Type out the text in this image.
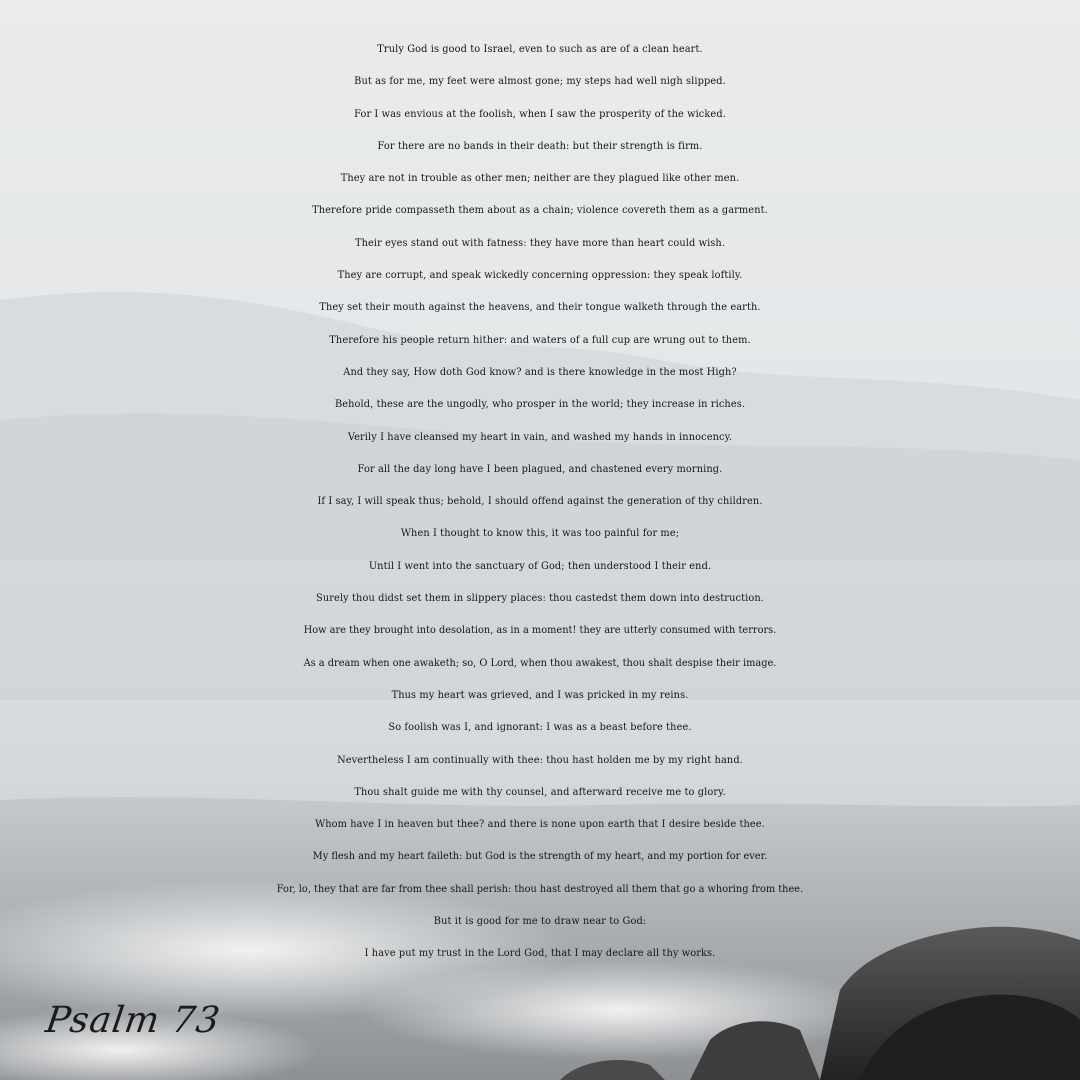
Truly God is good to Israel, even to such as are of a clean heart.
But as for me, my feet were almost gone; my steps had well nigh slipped.
For I was envious at the foolish, when I saw the prosperity of the wicked.
For there are no bands in their death: but their strength is firm.
They are not in trouble as other men; neither are they plagued like other men.
Therefore pride compasseth them about as a chain; violence covereth them as a garment.
Their eyes stand out with fatness: they have more than heart could wish.
They are corrupt, and speak wickedly concerning oppression: they speak loftily.
They set their mouth against the heavens, and their tongue walketh through the earth.
Therefore his people return hither: and waters of a full cup are wrung out to them.
And they say, How doth God know? and is there knowledge in the most High?
Behold, these are the ungodly, who prosper in the world; they increase in riches.
Verily I have cleansed my heart in vain, and washed my hands in innocency.
For all the day long have I been plagued, and chastened every morning.
If I say, I will speak thus; behold, I should offend against the generation of thy children.
When I thought to know this, it was too painful for me;
Until I went into the sanctuary of God; then understood I their end.
Surely thou didst set them in slippery places: thou castedst them down into destruction.
How are they brought into desolation, as in a moment! they are utterly consumed with terrors.
As a dream when one awaketh; so, O Lord, when thou awakest, thou shalt despise their image.
Thus my heart was grieved, and I was pricked in my reins.
So foolish was I, and ignorant: I was as a beast before thee.
Nevertheless I am continually with thee: thou hast holden me by my right hand.
Thou shalt guide me with thy counsel, and afterward receive me to glory.
Whom have I in heaven but thee? and there is none upon earth that I desire beside thee.
My flesh and my heart faileth: but God is the strength of my heart, and my portion for ever.
For, lo, they that are far from thee shall perish: thou hast destroyed all them that go a whoring from thee.
But it is good for me to draw near to God:
I have put my trust in the Lord God, that I may declare all thy works.
Psalm 73
